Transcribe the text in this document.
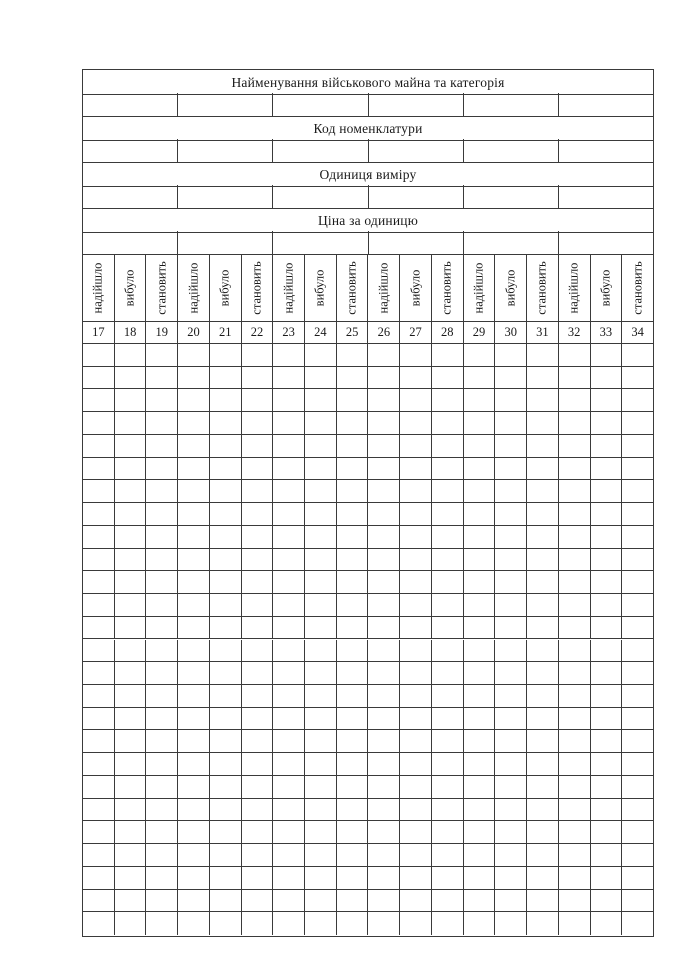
Найменування військового майна та категорія
Код номенклатури
Одиниця виміру
Ціна за одиницю
надійшло вибуло становить надійшло вибуло становить надійшло вибуло становить надійшло вибуло становить надійшло вибуло становить надійшло вибуло становить
17	18	19	20	21	22	23	24	25	26	27	28	29	30	31	32	33	34
